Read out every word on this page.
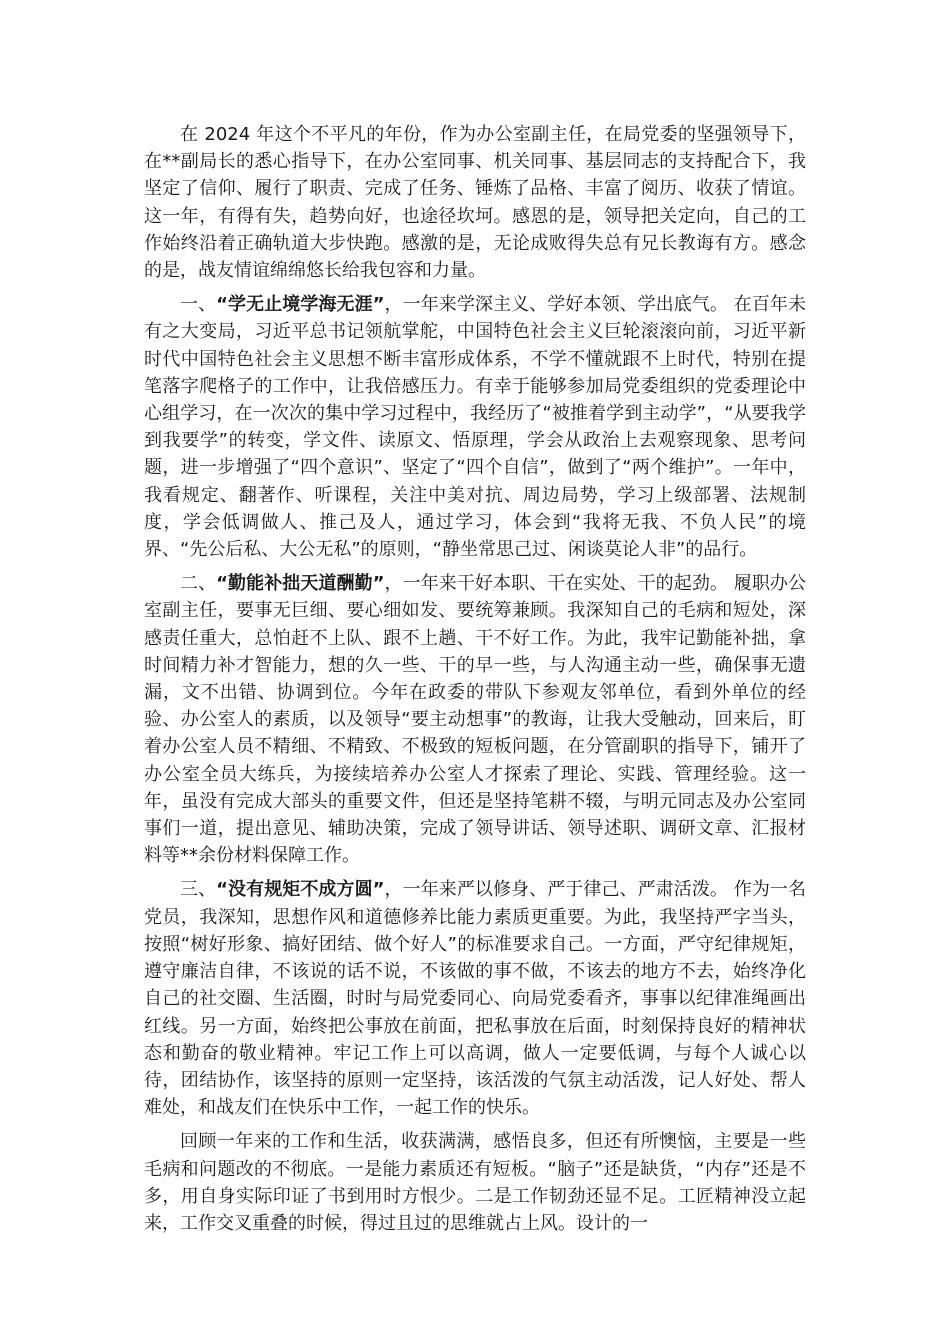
在 2024 年这个不平凡的年份，作为办公室副主任，在局党委的坚强领导下，在**副局长的悉心指导下，在办公室同事、机关同事、基层同志的支持配合下，我坚定了信仰、履行了职责、完成了任务、锤炼了品格、丰富了阅历、收获了情谊。这一年，有得有失，趋势向好，也途径坎坷。感恩的是，领导把关定向，自己的工作始终沿着正确轨道大步快跑。感激的是，无论成败得失总有兄长教诲有方。感念的是，战友情谊绵绵悠长给我包容和力量。

一、“学无止境学海无涯”，一年来学深主义、学好本领、学出底气。 在百年未有之大变局，习近平总书记领航掌舵，中国特色社会主义巨轮滚滚向前，习近平新时代中国特色社会主义思想不断丰富形成体系，不学不懂就跟不上时代，特别在提笔落字爬格子的工作中，让我倍感压力。有幸于能够参加局党委组织的党委理论中心组学习，在一次次的集中学习过程中，我经历了“被推着学到主动学”，“从要我学到我要学”的转变，学文件、读原文、悟原理，学会从政治上去观察现象、思考问题，进一步增强了“四个意识”、坚定了“四个自信”，做到了“两个维护”。一年中，我看规定、翻著作、听课程，关注中美对抗、周边局势，学习上级部署、法规制度，学会低调做人、推己及人，通过学习，体会到“我将无我、不负人民”的境界、“先公后私、大公无私”的原则，“静坐常思己过、闲谈莫论人非”的品行。

二、“勤能补拙天道酬勤”，一年来干好本职、干在实处、干的起劲。 履职办公室副主任，要事无巨细、要心细如发、要统筹兼顾。我深知自己的毛病和短处，深感责任重大，总怕赶不上队、跟不上趟、干不好工作。为此，我牢记勤能补拙，拿时间精力补才智能力，想的久一些、干的早一些，与人沟通主动一些，确保事无遗漏，文不出错、协调到位。今年在政委的带队下参观友邻单位，看到外单位的经验、办公室人的素质，以及领导“要主动想事”的教诲，让我大受触动，回来后，盯着办公室人员不精细、不精致、不极致的短板问题，在分管副职的指导下，铺开了办公室全员大练兵，为接续培养办公室人才探索了理论、实践、管理经验。这一年，虽没有完成大部头的重要文件，但还是坚持笔耕不辍，与明元同志及办公室同事们一道，提出意见、辅助决策，完成了领导讲话、领导述职、调研文章、汇报材料等**余份材料保障工作。

三、“没有规矩不成方圆”，一年来严以修身、严于律己、严肃活泼。 作为一名党员，我深知，思想作风和道德修养比能力素质更重要。为此，我坚持严字当头，按照“树好形象、搞好团结、做个好人”的标准要求自己。一方面，严守纪律规矩，遵守廉洁自律，不该说的话不说，不该做的事不做，不该去的地方不去，始终净化自己的社交圈、生活圈，时时与局党委同心、向局党委看齐，事事以纪律准绳画出红线。另一方面，始终把公事放在前面，把私事放在后面，时刻保持良好的精神状态和勤奋的敬业精神。牢记工作上可以高调，做人一定要低调，与每个人诚心以待，团结协作，该坚持的原则一定坚持，该活泼的气氛主动活泼，记人好处、帮人难处，和战友们在快乐中工作，一起工作的快乐。

回顾一年来的工作和生活，收获满满，感悟良多，但还有所懊恼，主要是一些毛病和问题改的不彻底。一是能力素质还有短板。“脑子”还是缺货，“内存”还是不多，用自身实际印证了书到用时方恨少。二是工作韧劲还显不足。工匠精神没立起来，工作交叉重叠的时候，得过且过的思维就占上风。设计的一
